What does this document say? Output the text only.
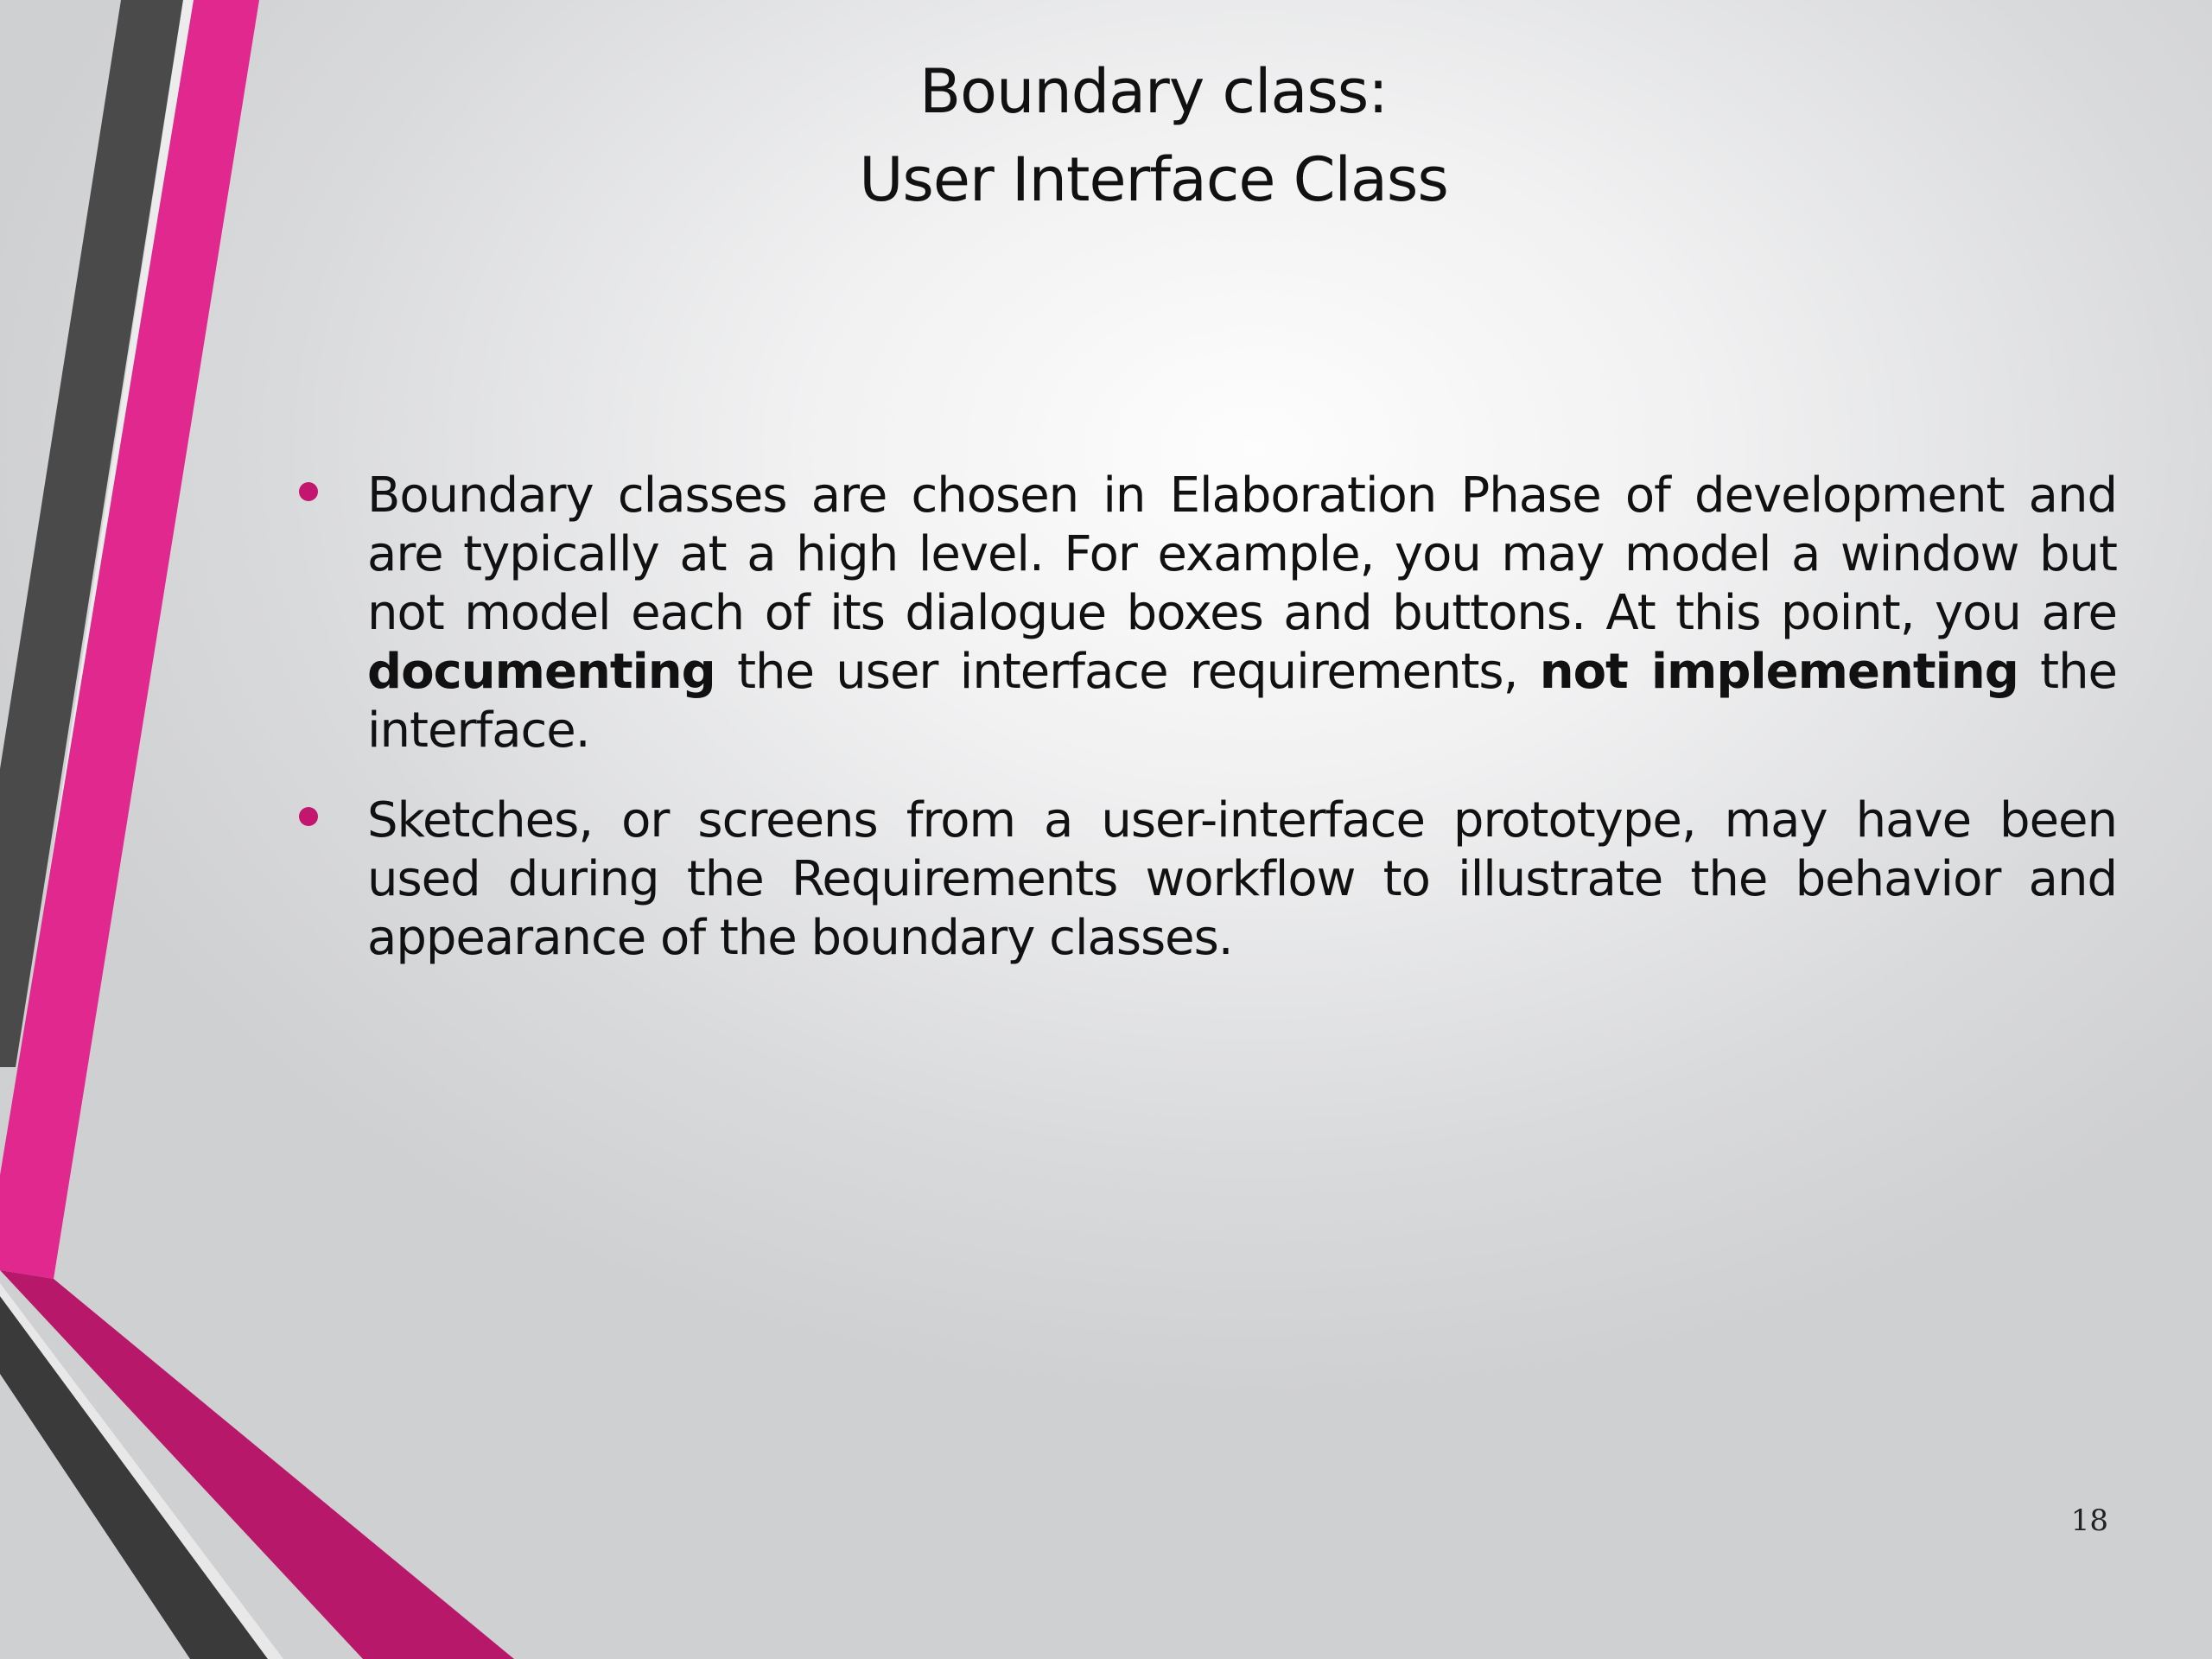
Boundary class:
User Interface Class
Boundary classes are chosen in Elaboration Phase of development and are typically at a high level. For example, you may model a window but not model each of its dialogue boxes and buttons. At this point, you are documenting the user interface requirements, not implementing the interface.
Sketches, or screens from a user-interface prototype, may have been used during the Requirements workflow to illustrate the behavior and appearance of the boundary classes.
18
